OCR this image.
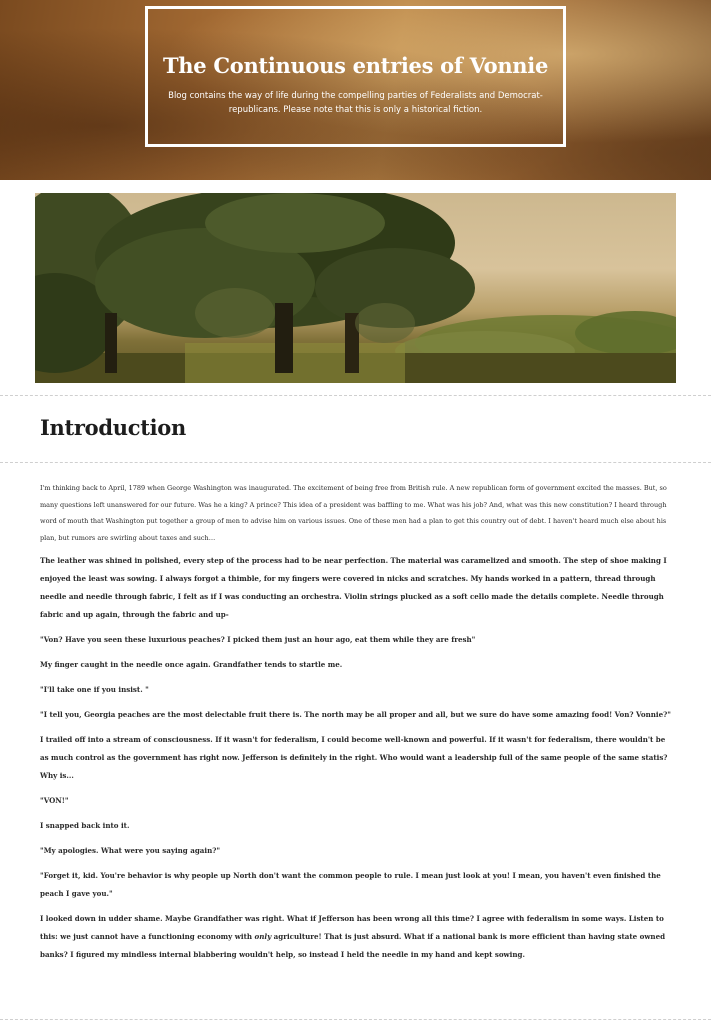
The Continuous entries of Vonnie

Blog contains the way of life during the compelling parties of Federalists and Democrat-republicans. Please note that this is only a historical fiction.

Introduction

I'm thinking back to April, 1789 when George Washington was inaugurated. The excitement of being free from British rule. A new republican form of government excited the masses. But, so many questions left unanswered for our future. Was he a king? A prince? This idea of a president was baffling to me. What was his job? And, what was this new constitution? I heard through word of mouth that Washington put together a group of men to advise him on various issues. One of these men had a plan to get this country out of debt. I haven't heard much else about his plan, but rumors are swirling about taxes and such…

The leather was shined in polished, every step of the process had to be near perfection. The material was caramelized and smooth. The step of shoe making I enjoyed the least was sowing. I always forgot a thimble, for my fingers were covered in nicks and scratches. My hands worked in a pattern, thread through needle and needle through fabric, I felt as if I was conducting an orchestra. Violin strings plucked as a soft cello made the details complete. Needle through fabric and up again, through the fabric and up-

"Von? Have you seen these luxurious peaches? I picked them just an hour ago, eat them while they are fresh"

My finger caught in the needle once again. Grandfather tends to startle me.

"I'll take one if you insist. "

"I tell you, Georgia peaches are the most delectable fruit there is. The north may be all proper and all, but we sure do have some amazing food! Von? Vonnie?"

I trailed off into a stream of consciousness. If it wasn't for federalism, I could become well-known and powerful. If it wasn't for federalism, there wouldn't be as much control as the government has right now. Jefferson is definitely in the right. Who would want a leadership full of the same people of the same statis? Why is...

"VON!"

I snapped back into it.

"My apologies. What were you saying again?"

"Forget it, kid. You're behavior is why people up North don't want the common people to rule. I mean just look at you! I mean, you haven't even finished the peach I gave you."

I looked down in udder shame. Maybe Grandfather was right. What if Jefferson has been wrong all this time? I agree with federalism in some ways. Listen to this: we just cannot have a functioning economy with only agriculture! That is just absurd. What if a national bank is more efficient than having state owned banks? I figured my mindless internal blabbering wouldn't help, so instead I held the needle in my hand and kept sowing.
